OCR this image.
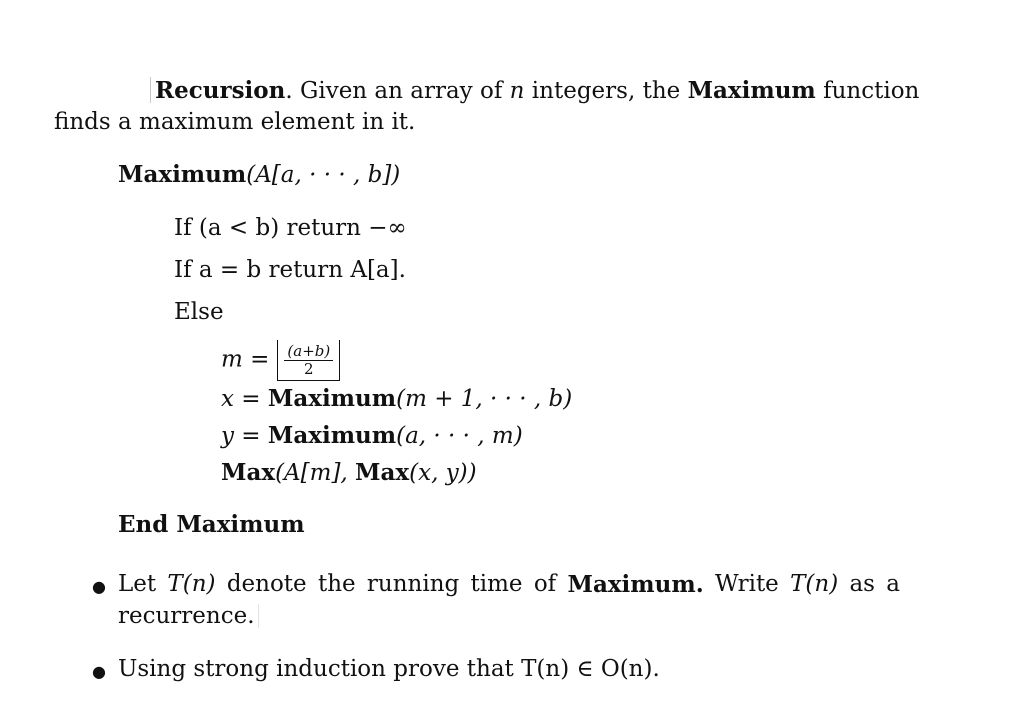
Recursion. Given an array of n integers, the Maximum function
finds a maximum element in it.
Maximum(A[a, · · · , b])
If (a < b) return −∞
If a = b return A[a].
Else
$m = \frac{(a+b)}{2}$
x = Maximum(m + 1, · · · , b)
y = Maximum(a, · · · , m)
Max(A[m], Max(x, y))
End Maximum
● Let T(n) denote the running time of Maximum. Write T(n) as a
recurrence.
● Using strong induction prove that T(n) ∈ O(n).
